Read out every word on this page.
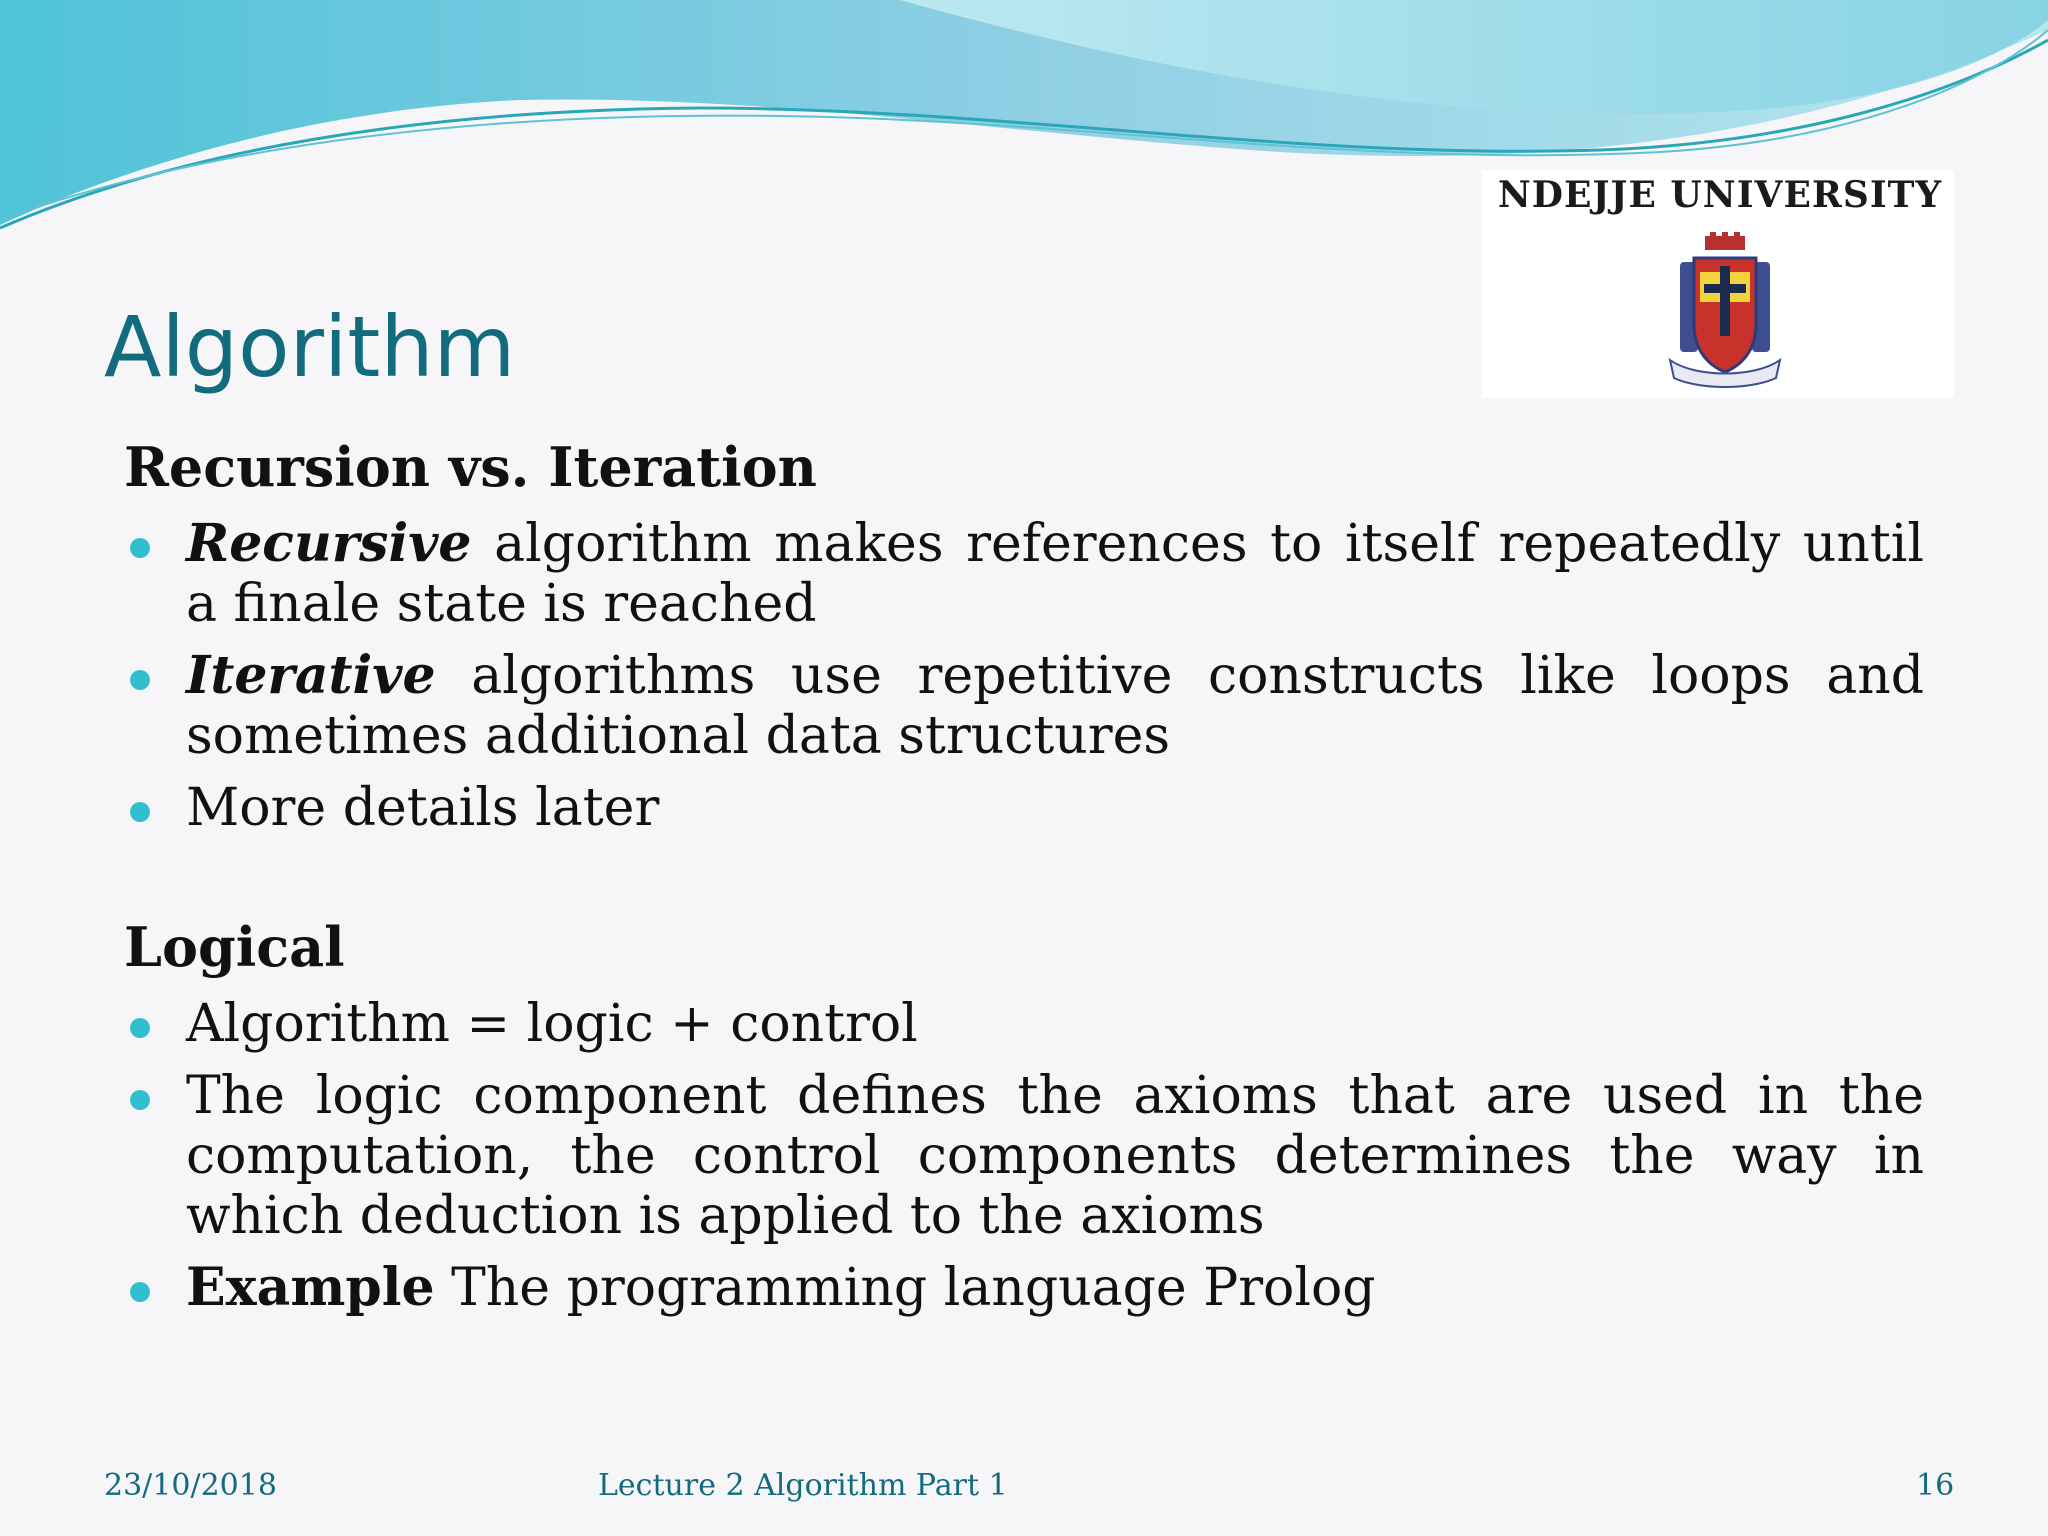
NDEJJE UNIVERSITY
Algorithm
Recursion vs. Iteration
Recursive algorithm makes references to itself repeatedly until a finale state is reached
Iterative algorithms use repetitive constructs like loops and sometimes additional data structures
More details later
Logical
Algorithm = logic + control
The logic component defines the axioms that are used in the computation, the control components determines the way in which deduction is applied to the axioms
Example The programming language Prolog
23/10/2018	Lecture 2 Algorithm Part 1	16
